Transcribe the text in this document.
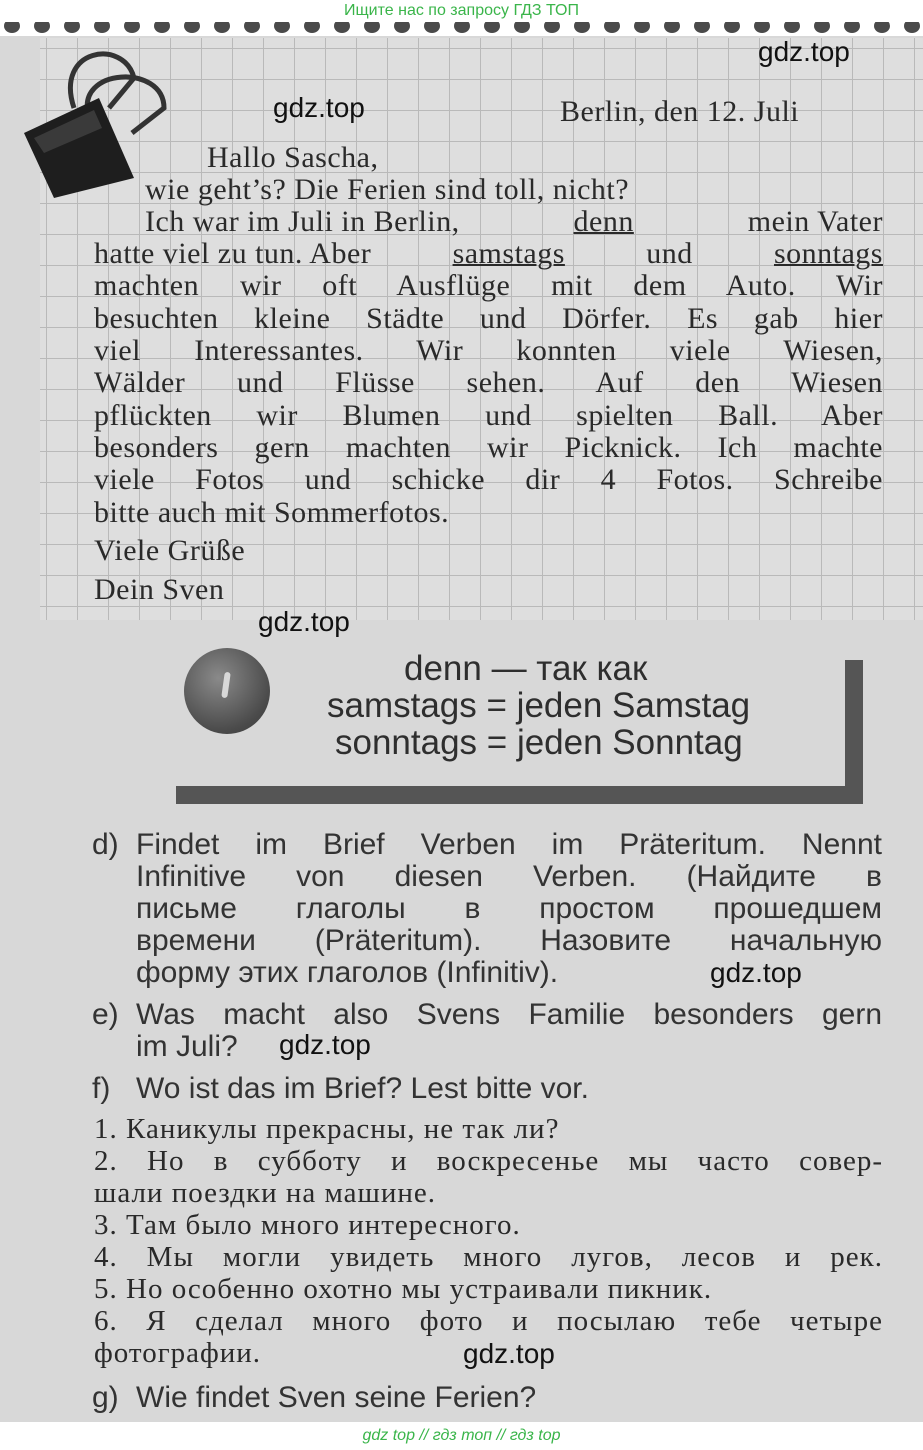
Ищите нас по запросу ГДЗ ТОП
Berlin, den 12. Juli
Hallo Sascha,
wie geht’s? Die Ferien sind toll, nicht?
Ich war im Juli in Berlin,	denn	mein Vater
hatte viel zu tun. Aber	samstags	und	sonntags
machten wir oft Ausflüge mit dem Auto. Wir
besuchten kleine Städte und Dörfer. Es gab hier
viel Interessantes. Wir konnten viele Wiesen,
Wälder und Flüsse sehen. Auf den Wiesen
pflückten wir Blumen und spielten Ball. Aber
besonders gern machten wir Picknick. Ich machte
viele Fotos und schicke dir 4 Fotos. Schreibe
bitte auch mit Sommerfotos.
Viele Grüße
Dein Sven
denn — так как
samstags = jeden Samstag
sonntags = jeden Sonntag
d) Findet im Brief Verben im Präteritum. Nennt
Infinitive von diesen Verben. (Найдите в
письме глаголы в простом прошедшем
времени (Präteritum). Назовите начальную
форму этих глаголов (Infinitiv).
e) Was macht also Svens Familie besonders gern
im Juli?
f) Wo ist das im Brief? Lest bitte vor.
1. Каникулы прекрасны, не так ли?
2. Но в субботу и воскресенье мы часто совер-
шали поездки на машине.
3. Там было много интересного.
4. Мы могли увидеть много лугов, лесов и рек.
5. Но особенно охотно мы устраивали пикник.
6. Я сделал много фото и посылаю тебе четыре
фотографии.
g) Wie findet Sven seine Ferien?
gdz.top
gdz.top
gdz.top
gdz.top
gdz.top
gdz.top
gdz top // гдз топ // гдз top
